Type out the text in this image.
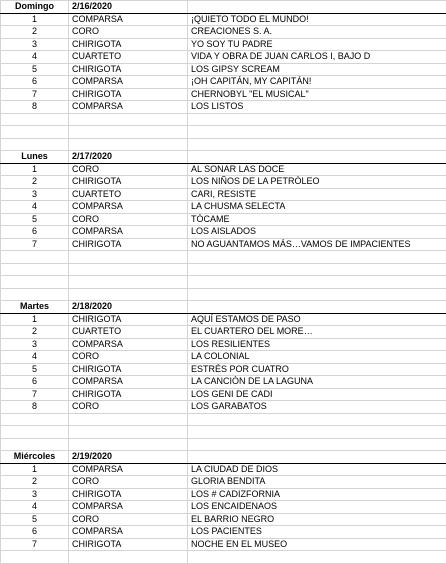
Domingo	2/16/2020	
1	COMPARSA	¡QUIETO TODO EL MUNDO!
2	CORO	CREACIONES S. A.
3	CHIRIGOTA	YO SOY TU PADRE
4	CUARTETO	VIDA Y OBRA DE JUAN CARLOS I, BAJO D
5	CHIRIGOTA	LOS GIPSY SCREAM
6	COMPARSA	¡OH CAPITÁN, MY CAPITÁN!
7	CHIRIGOTA	CHERNOBYL "EL MUSICAL"
8	COMPARSA	LOS LISTOS

Lunes	2/17/2020	
1	CORO	AL SONAR LAS DOCE
2	CHIRIGOTA	LOS NIÑOS DE LA PETRÓLEO
3	CUARTETO	CARI, RESISTE
4	COMPARSA	LA CHUSMA SELECTA
5	CORO	TÓCAME
6	COMPARSA	LOS AISLADOS
7	CHIRIGOTA	NO AGUANTAMOS MÁS…VAMOS DE IMPACIENTES

Martes	2/18/2020	
1	CHIRIGOTA	AQUÍ ESTAMOS DE PASO
2	CUARTETO	EL CUARTERO DEL MORE…
3	COMPARSA	LOS RESILIENTES
4	CORO	LA COLONIAL
5	CHIRIGOTA	ESTRÉS POR CUATRO
6	COMPARSA	LA CANCIÓN DE LA LAGUNA
7	CHIRIGOTA	LOS GENI DE CADI
8	CORO	LOS GARABATOS

Miércoles	2/19/2020	
1	COMPARSA	LA CIUDAD DE DIOS
2	CORO	GLORIA BENDITA
3	CHIRIGOTA	LOS # CADIZFORNIA
4	COMPARSA	LOS ENCAIDENAOS
5	CORO	EL BARRIO NEGRO
6	COMPARSA	LOS PACIENTES
7	CHIRIGOTA	NOCHE EN EL MUSEO
